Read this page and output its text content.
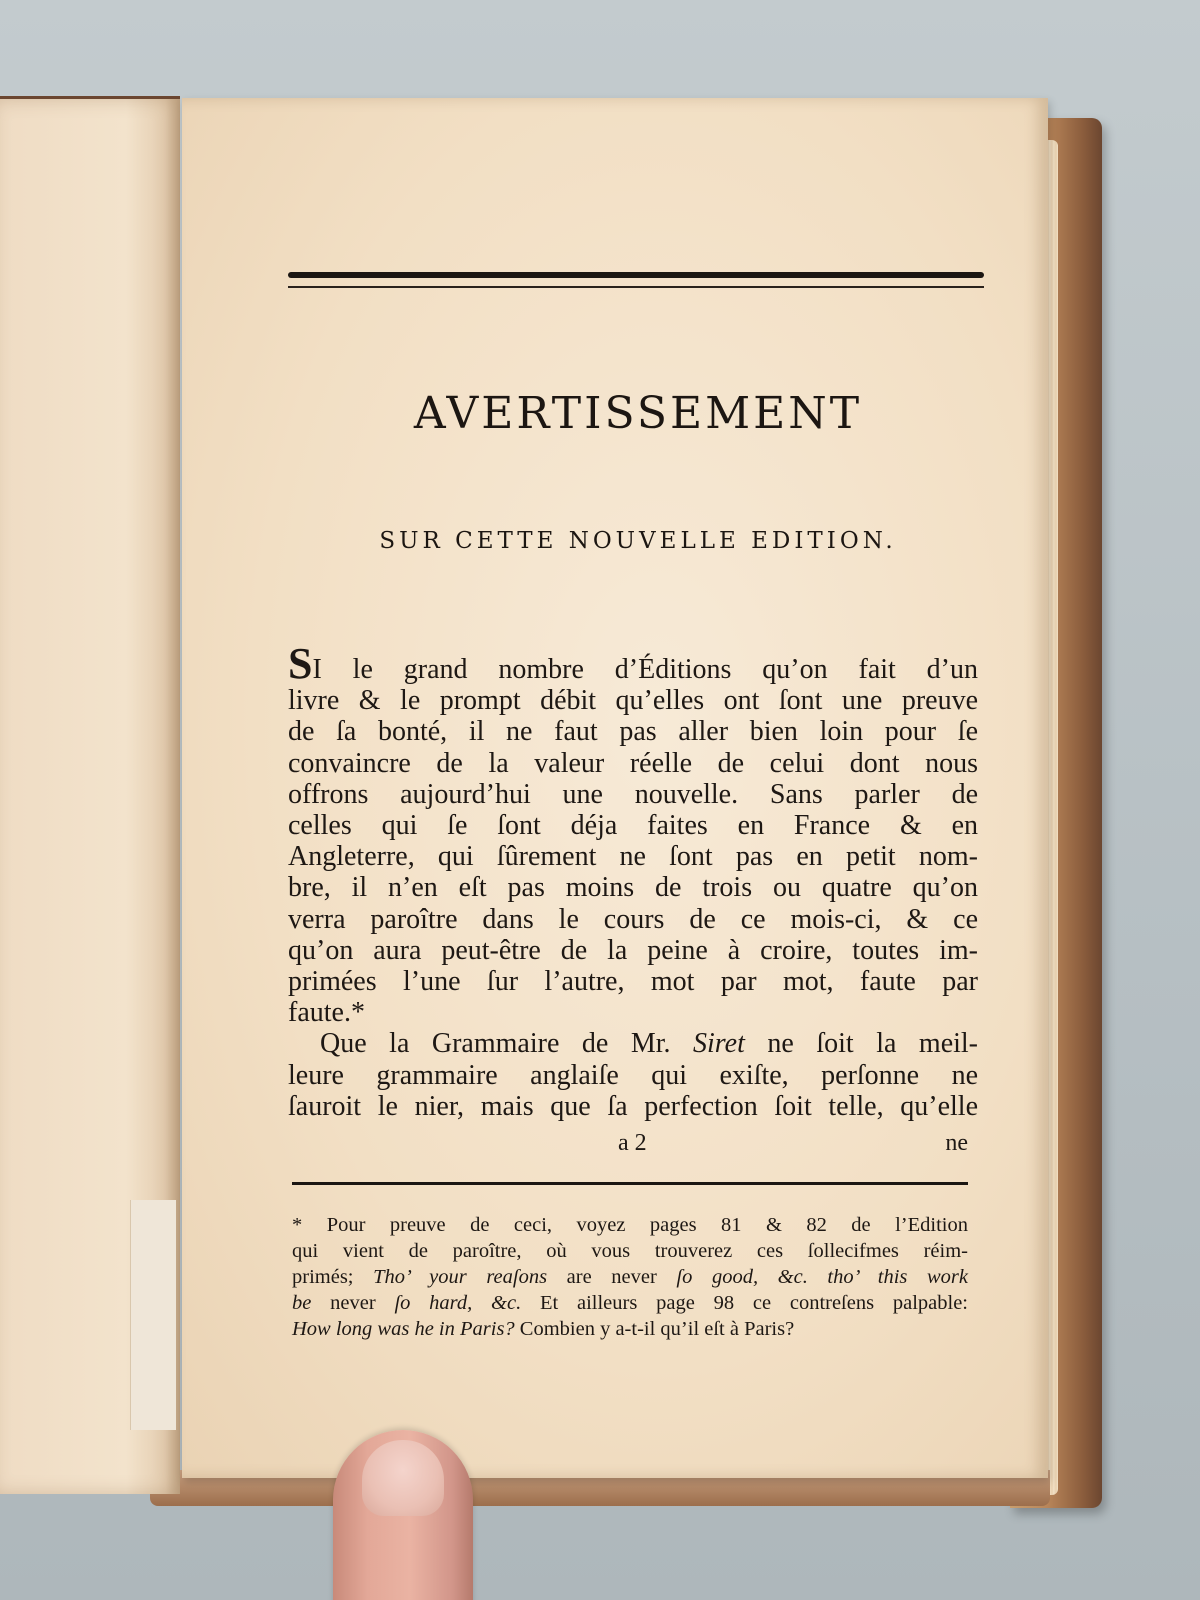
AVERTISSEMENT
SUR CETTE NOUVELLE EDITION.
SI le grand nombre d’Éditions qu’on fait d’un
livre & le prompt débit qu’elles ont ſont une preuve
de ſa bonté, il ne faut pas aller bien loin pour ſe
convaincre de la valeur réelle de celui dont nous
offrons aujourd’hui une nouvelle. Sans parler de
celles qui ſe ſont déja faites en France & en
Angleterre, qui ſûrement ne ſont pas en petit nom-
bre, il n’en eſt pas moins de trois ou quatre qu’on
verra paroître dans le cours de ce mois-ci, & ce
qu’on aura peut-être de la peine à croire, toutes im-
primées l’une ſur l’autre, mot par mot, faute par
faute.*
Que la Grammaire de Mr. Siret ne ſoit la meil-
leure grammaire anglaiſe qui exiſte, perſonne ne
ſauroit le nier, mais que ſa perfection ſoit telle, qu’elle
a 2	ne
* Pour preuve de ceci, voyez pages 81 & 82 de l’Edition
qui vient de paroître, où vous trouverez ces ſollecifmes réim-
primés; Tho’ your reaſons are never ſo good, &c. tho’ this work
be never ſo hard, &c. Et ailleurs page 98 ce contreſens palpable:
How long was he in Paris? Combien y a-t-il qu’il eſt à Paris?
